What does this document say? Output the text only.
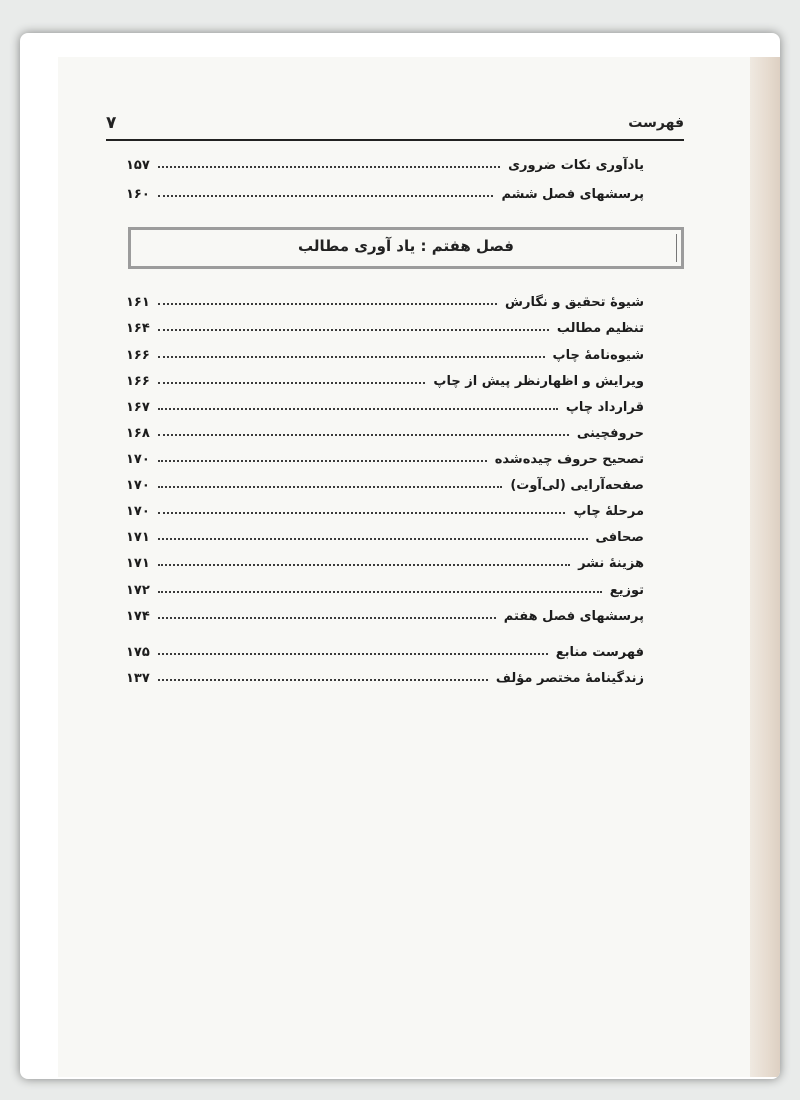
فهرست
۷
یادآوری نکات ضروری
۱۵۷
پرسشهای فصل ششم
۱۶۰
فصل هفتم : یاد آوری مطالب
شیوهٔ تحقیق و نگارش
۱۶۱
تنظیم مطالب
۱۶۴
شیوه‌نامهٔ چاپ
۱۶۶
ویرایش و اظهارنظر پیش از چاپ
۱۶۶
قرارداد چاپ
۱۶۷
حروفچینی
۱۶۸
تصحیح حروف چیده‌شده
۱۷۰
صفحه‌آرایی (لی‌آوت)
۱۷۰
مرحلهٔ چاپ
۱۷۰
صحافی
۱۷۱
هزینهٔ نشر
۱۷۱
توزیع
۱۷۲
پرسشهای فصل هفتم
۱۷۴
فهرست منابع
۱۷۵
زندگینامهٔ مختصر مؤلف
۱۳۷
